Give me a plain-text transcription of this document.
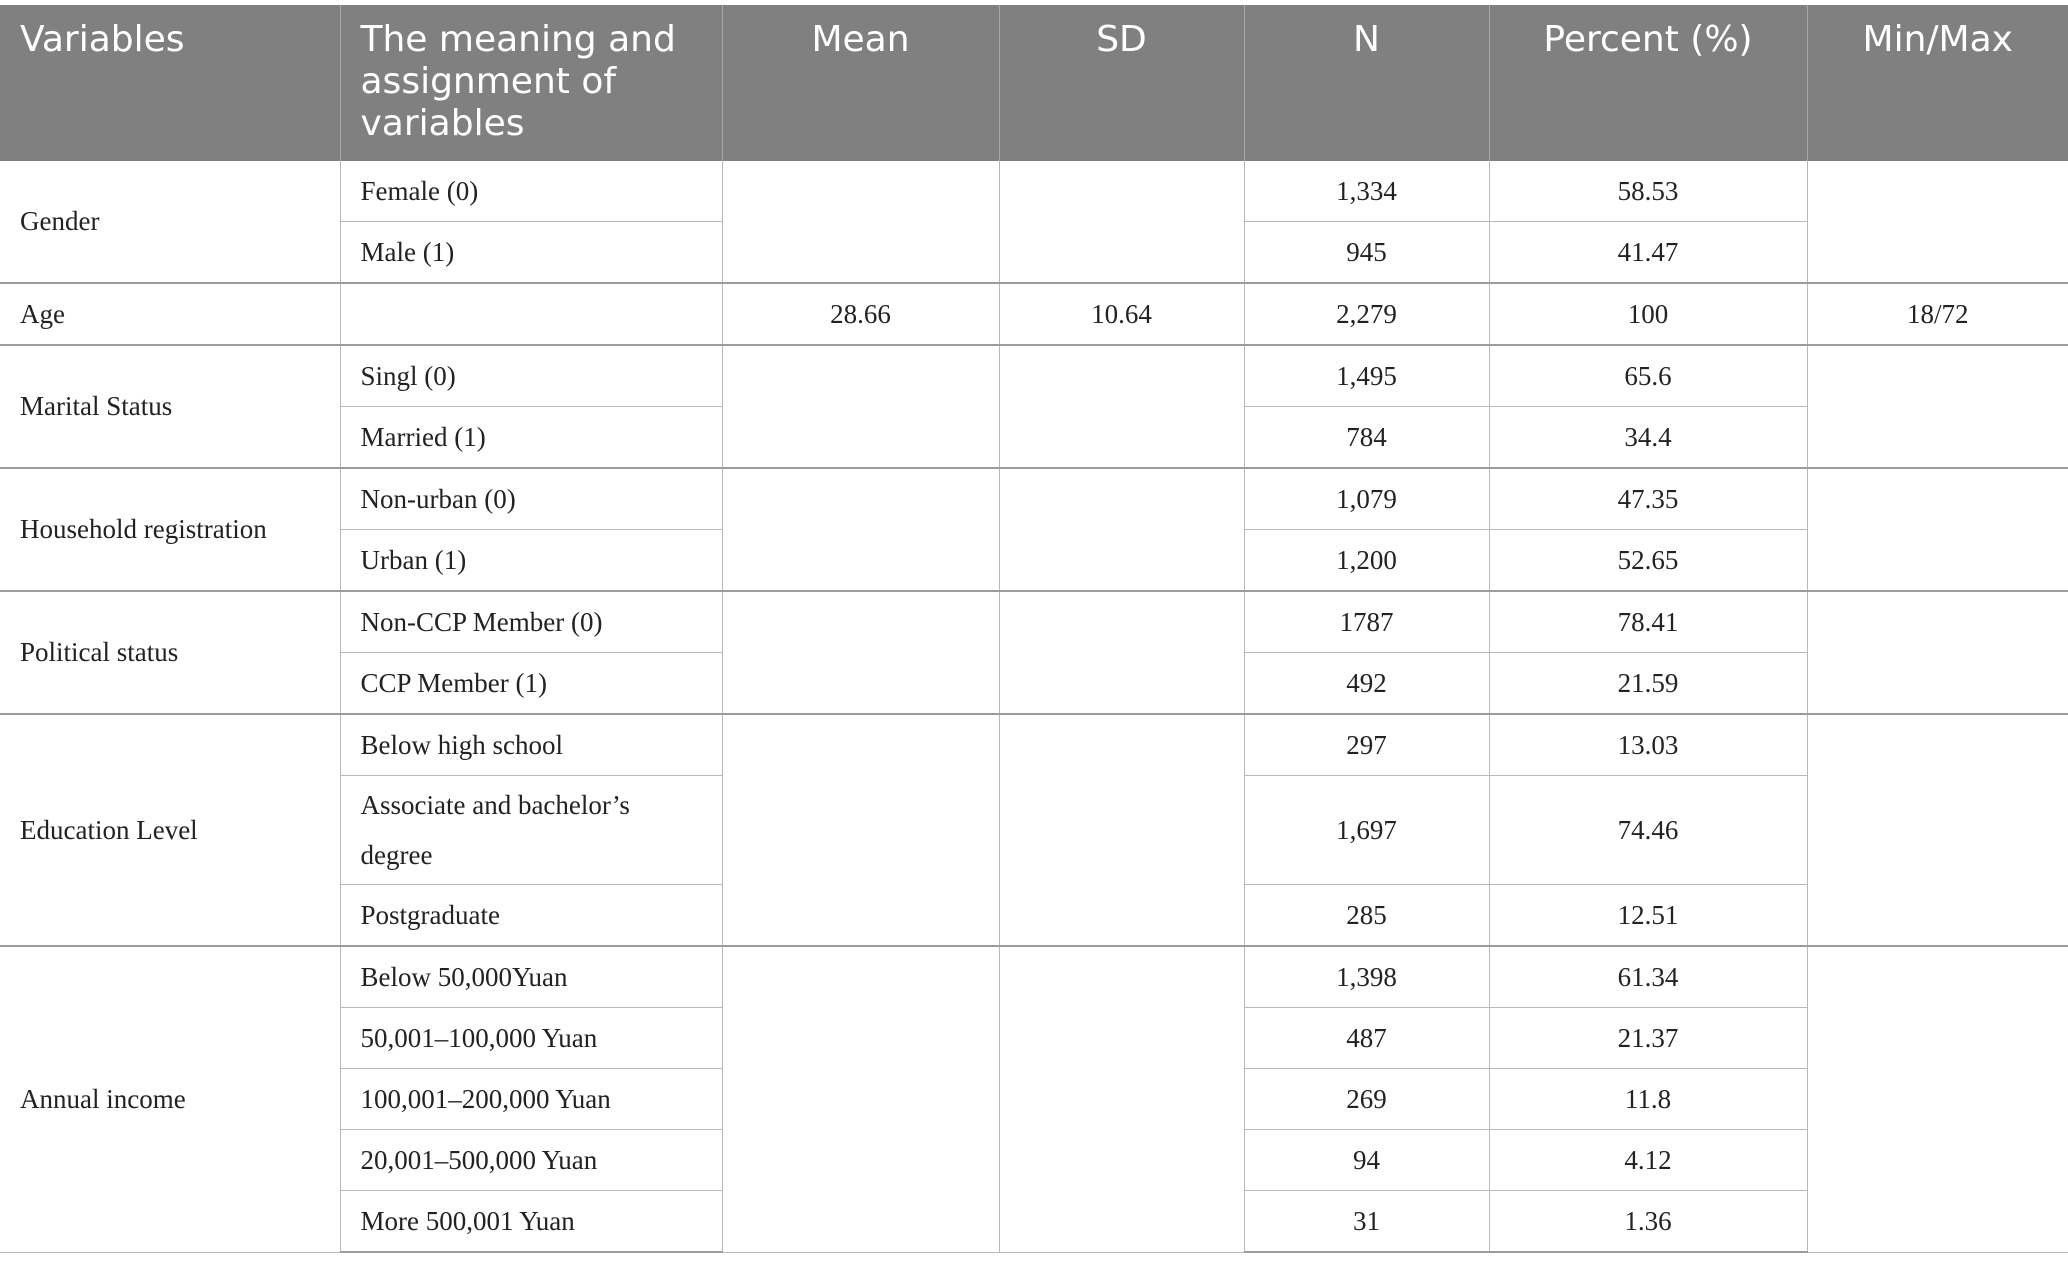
Variables	The meaning and assignment of variables	Mean	SD	N	Percent (%)	Min/Max
Gender	Female (0)			1,334	58.53	
	Male (1)			945	41.47	
Age		28.66	10.64	2,279	100	18/72
Marital Status	Singl (0)			1,495	65.6	
	Married (1)			784	34.4	
Household registration	Non-urban (0)			1,079	47.35	
	Urban (1)			1,200	52.65	
Political status	Non-CCP Member (0)			1787	78.41	
	CCP Member (1)			492	21.59	
Education Level	Below high school			297	13.03	
	Associate and bachelor’s degree			1,697	74.46	
	Postgraduate			285	12.51	
Annual income	Below 50,000Yuan			1,398	61.34	
	50,001–100,000 Yuan			487	21.37	
	100,001–200,000 Yuan			269	11.8	
	20,001–500,000 Yuan			94	4.12	
	More 500,001 Yuan			31	1.36	
